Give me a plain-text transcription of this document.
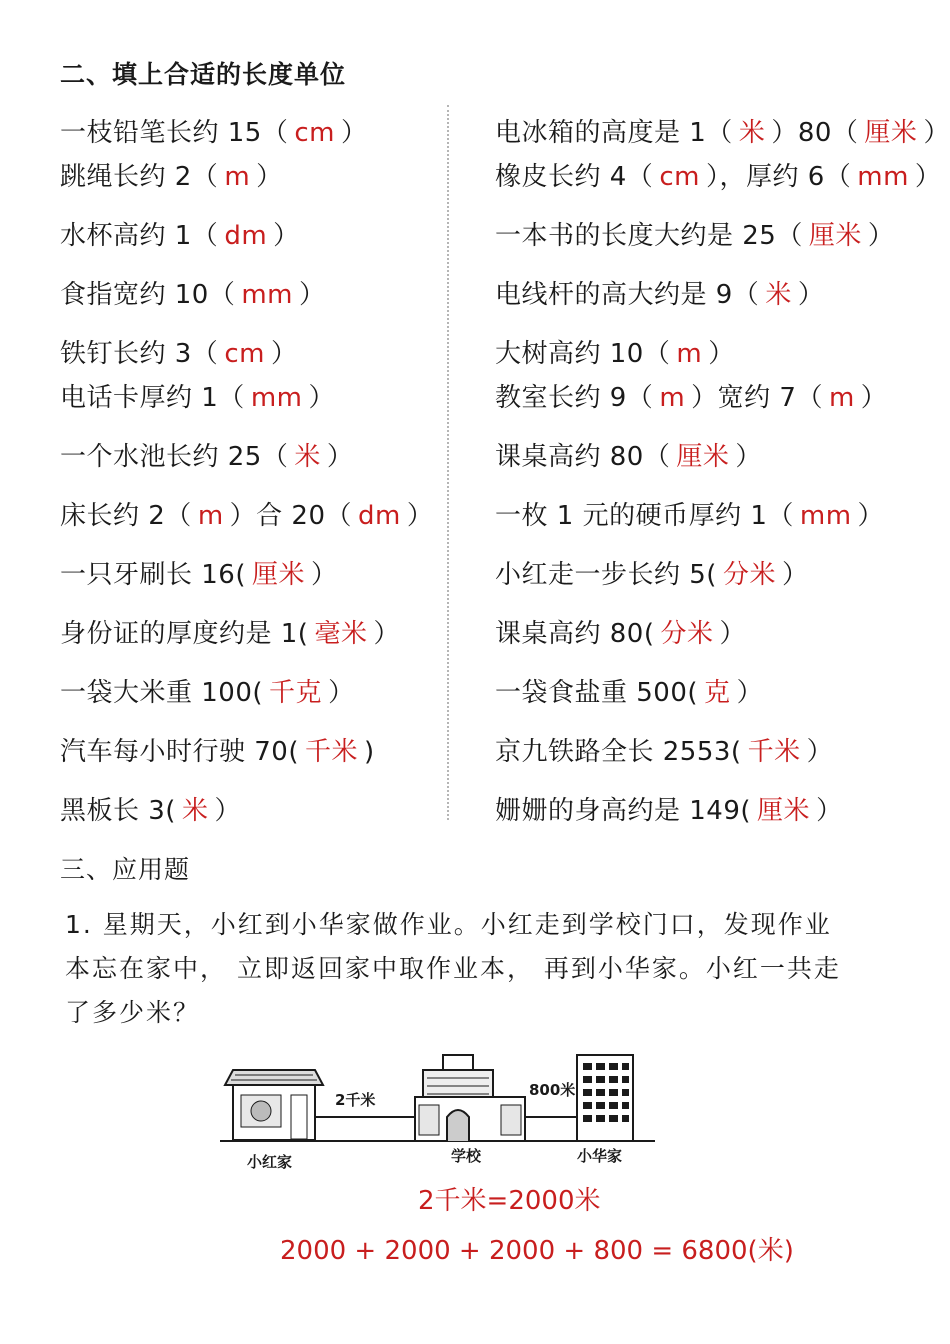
二、填上合适的长度单位
一枝铅笔长约 15（ cm ）
跳绳长约 2（ m ）
水杯高约 1（ dm ）
食指宽约 10（ mm ）
铁钉长约 3（ cm ）
电话卡厚约 1（ mm ）
一个水池长约 25（ 米 ）
床长约 2（ m ）合 20（ dm ）
一只牙刷长 16( 厘米 ）
身份证的厚度约是 1( 毫米 ）
一袋大米重 100( 千克 ）
汽车每小时行驶 70( 千米 )
黑板长 3( 米 ）
电冰箱的高度是 1（ 米 ）80（ 厘米 ）
橡皮长约 4（ cm ），厚约 6（ mm ）
一本书的长度大约是 25（ 厘米 ）
电线杆的高大约是 9（ 米 ）
大树高约 10（ m ）
教室长约 9（ m ）宽约 7（ m ）
课桌高约 80（ 厘米 ）
一枚 1 元的硬币厚约 1（ mm ）
小红走一步长约 5( 分米 ）
课桌高约 80( 分米 ）
一袋食盐重 500( 克 ）
京九铁路全长 2553( 千米 ）
姗姗的身高约是 149( 厘米 ）
三、应用题
1. 星期天，小红到小华家做作业。小红走到学校门口，发现作业
本忘在家中， 立即返回家中取作业本， 再到小华家。小红一共走
了多少米？
2千米
800米
小红家	学校	小华家
2千米=2000米
2000 + 2000 + 2000 + 800 = 6800(米)
